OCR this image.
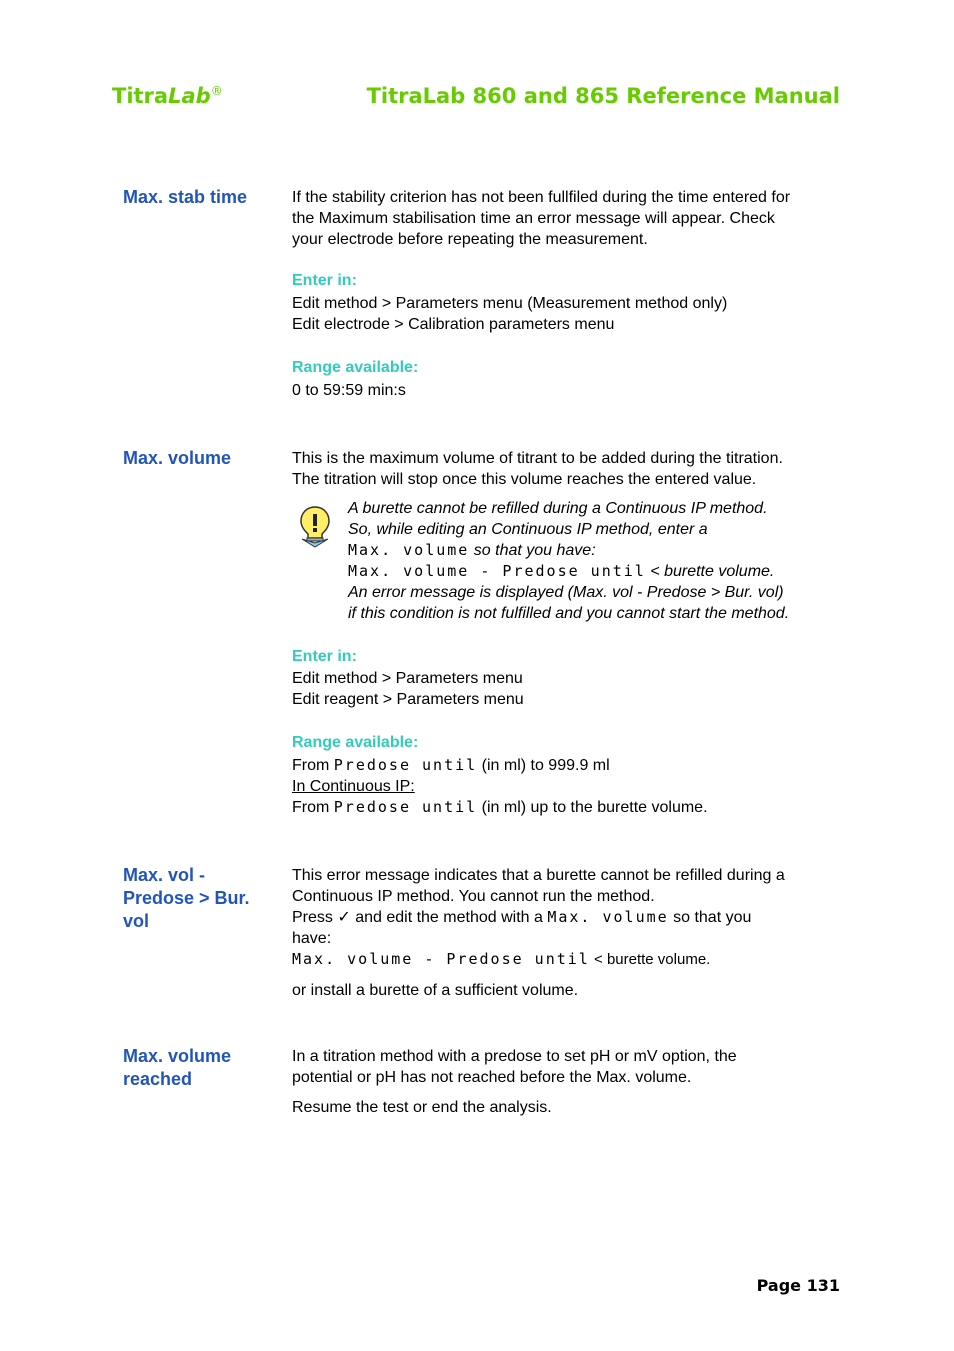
TitraLab®	TitraLab 860 and 865 Reference Manual
Max. stab time	If the stability criterion has not been fullfiled during the time entered for

the Maximum stabilisation time an error message will appear. Check

your electrode before repeating the measurement.

Enter in:

Edit method > Parameters menu (Measurement method only)

Edit electrode > Calibration parameters menu

Range available:
0 to 59:59 min:s
Max. volume	This is the maximum volume of titrant to be added during the titration.

The titration will stop once this volume reaches the entered value.

A burette cannot be refilled during a Continuous IP method.

So, while editing an Continuous IP method, enter a

Max. volume so that you have:

Max. volume - Predose until < burette volume.

An error message is displayed (Max. vol - Predose > Bur. vol)

if this condition is not fulfilled and you cannot start the method.

Enter in:

Edit method > Parameters menu

Edit reagent > Parameters menu

Range available:

From Predose until (in ml) to 999.9 ml

In Continuous IP:

From Predose until (in ml) up to the burette volume.

Max. vol -
Predose > Bur.
vol

This error message indicates that a burette cannot be refilled during a

Continuous IP method. You cannot run the method.

Press ✓ and edit the method with a Max. volume so that you

have:

Max. volume - Predose until < burette volume.

or install a burette of a sufficient volume.

Max. volume
reached

In a titration method with a predose to set pH or mV option, the

potential or pH has not reached before the Max. volume.

Resume the test or end the analysis.

Page 131
